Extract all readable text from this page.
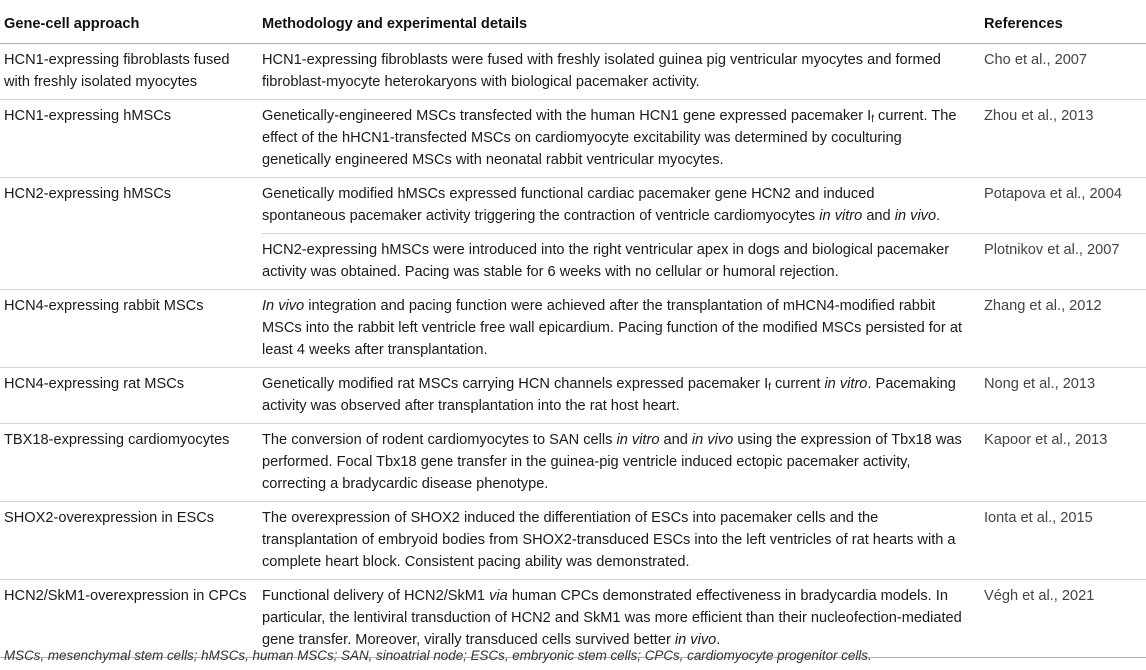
Gene-cell approach	Methodology and experimental details	References
HCN1-expressing fibroblasts fused with freshly isolated myocytes	HCN1-expressing fibroblasts were fused with freshly isolated guinea pig ventricular myocytes and formed fibroblast-myocyte heterokaryons with biological pacemaker activity.	Cho et al., 2007
HCN1-expressing hMSCs	Genetically-engineered MSCs transfected with the human HCN1 gene expressed pacemaker $I_f$ current. The effect of the hHCN1-transfected MSCs on cardiomyocyte excitability was determined by coculturing genetically engineered MSCs with neonatal rabbit ventricular myocytes.	Zhou et al., 2013
HCN2-expressing hMSCs	Genetically modified hMSCs expressed functional cardiac pacemaker gene HCN2 and induced spontaneous pacemaker activity triggering the contraction of ventricle cardiomyocytes in vitro and in vivo.	Potapova et al., 2004
	HCN2-expressing hMSCs were introduced into the right ventricular apex in dogs and biological pacemaker activity was obtained. Pacing was stable for 6 weeks with no cellular or humoral rejection.	Plotnikov et al., 2007
HCN4-expressing rabbit MSCs	In vivo integration and pacing function were achieved after the transplantation of mHCN4-modified rabbit MSCs into the rabbit left ventricle free wall epicardium. Pacing function of the modified MSCs persisted for at least 4 weeks after transplantation.	Zhang et al., 2012
HCN4-expressing rat MSCs	Genetically modified rat MSCs carrying HCN channels expressed pacemaker $I_f$ current in vitro. Pacemaking activity was observed after transplantation into the rat host heart.	Nong et al., 2013
TBX18-expressing cardiomyocytes	The conversion of rodent cardiomyocytes to SAN cells in vitro and in vivo using the expression of Tbx18 was performed. Focal Tbx18 gene transfer in the guinea-pig ventricle induced ectopic pacemaker activity, correcting a bradycardic disease phenotype.	Kapoor et al., 2013
SHOX2-overexpression in ESCs	The overexpression of SHOX2 induced the differentiation of ESCs into pacemaker cells and the transplantation of embryoid bodies from SHOX2-transduced ESCs into the left ventricles of rat hearts with a complete heart block. Consistent pacing ability was demonstrated.	Ionta et al., 2015
HCN2/SkM1-overexpression in CPCs	Functional delivery of HCN2/SkM1 via human CPCs demonstrated effectiveness in bradycardia models. In particular, the lentiviral transduction of HCN2 and SkM1 was more efficient than their nucleofection-mediated gene transfer. Moreover, virally transduced cells survived better in vivo.	Végh et al., 2021
MSCs, mesenchymal stem cells; hMSCs, human MSCs; SAN, sinoatrial node; ESCs, embryonic stem cells; CPCs, cardiomyocyte progenitor cells.
